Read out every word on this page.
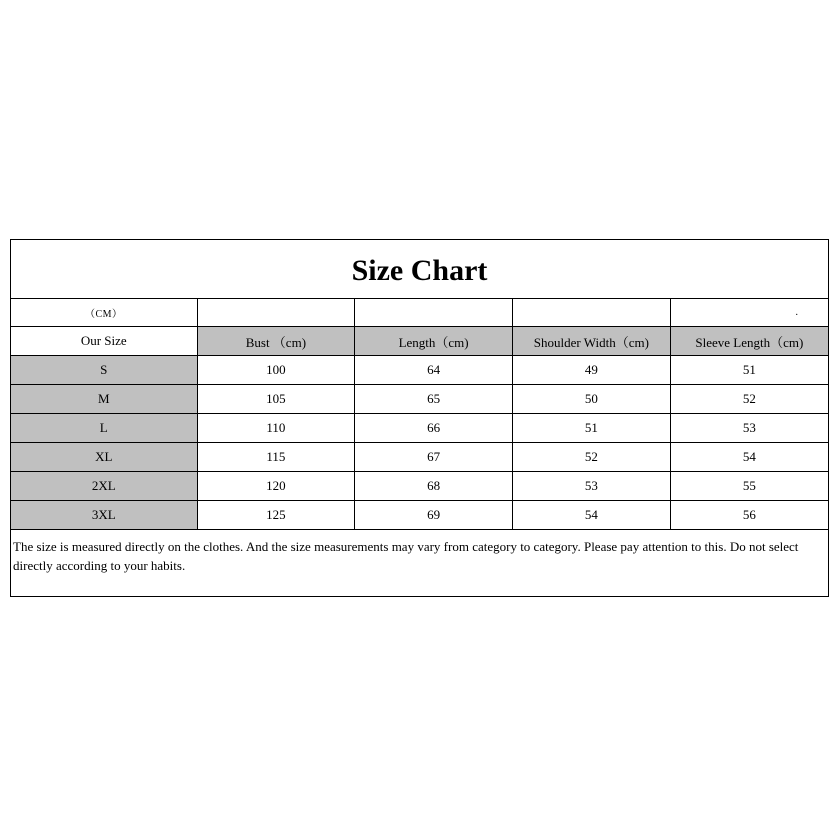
Size Chart
（CM）				.
Our Size	Bust （cm)	Length（cm)	Shoulder Width（cm)	Sleeve Length（cm)
S	100	64	49	51
M	105	65	50	52
L	110	66	51	53
XL	115	67	52	54
2XL	120	68	53	55
3XL	125	69	54	56
The size is measured directly on the clothes. And the size measurements may vary from category to category. Please pay attention to this. Do not select directly according to your habits.
